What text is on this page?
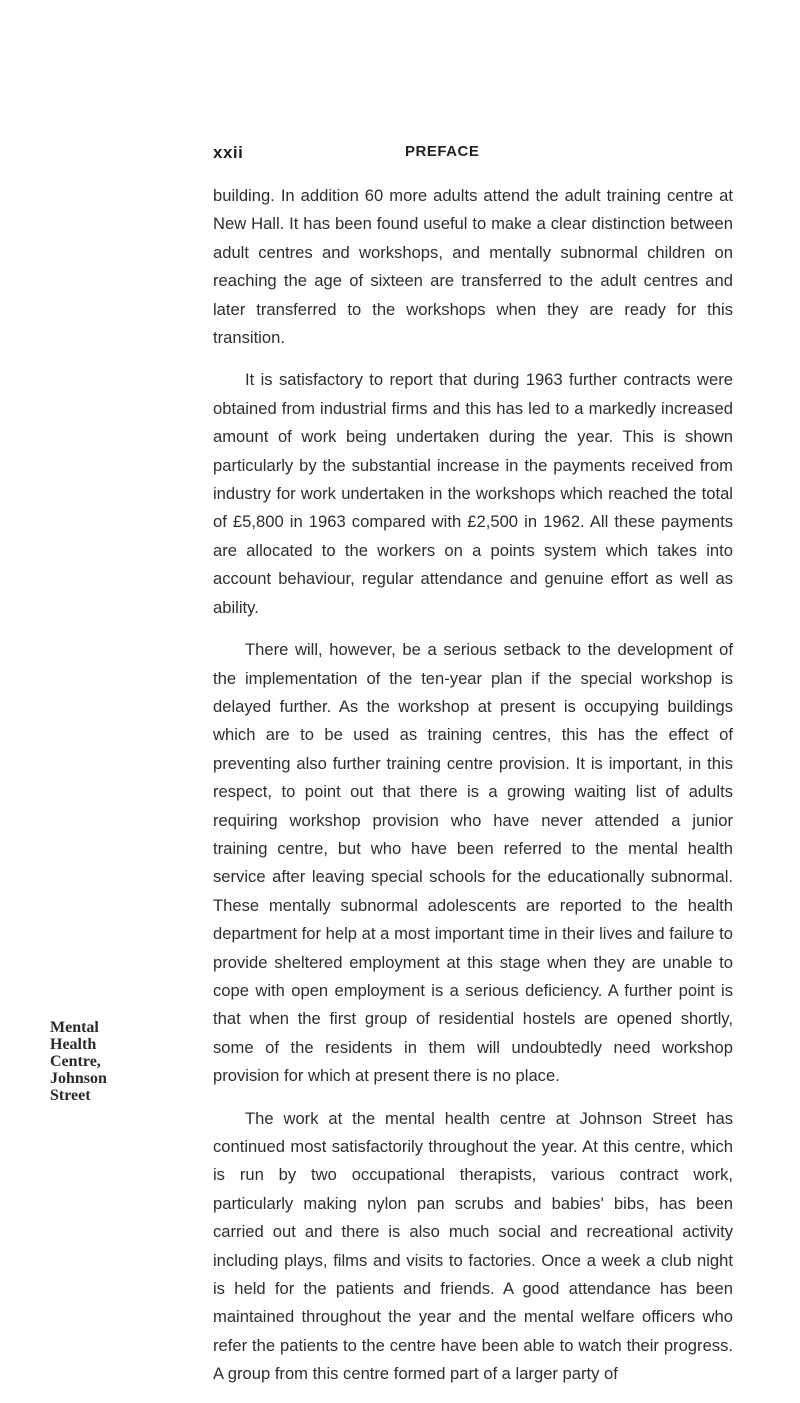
xxii	PREFACE
Mental
Health
Centre,
Johnson
Street

building. In addition 60 more adults attend the adult training centre at New Hall. It has been found useful to make a clear distinction between adult centres and workshops, and mentally subnormal children on reaching the age of sixteen are transferred to the adult centres and later transferred to the workshops when they are ready for this transition.

It is satisfactory to report that during 1963 further contracts were obtained from industrial firms and this has led to a markedly increased amount of work being undertaken during the year. This is shown particularly by the substantial increase in the payments received from industry for work undertaken in the workshops which reached the total of £5,800 in 1963 compared with £2,500 in 1962. All these payments are allocated to the workers on a points system which takes into account behaviour, regular attendance and genuine effort as well as ability.

There will, however, be a serious setback to the development of the implementation of the ten-year plan if the special workshop is delayed further. As the workshop at present is occupying buildings which are to be used as training centres, this has the effect of preventing also further training centre provision. It is important, in this respect, to point out that there is a growing waiting list of adults requiring workshop provision who have never attended a junior training centre, but who have been referred to the mental health service after leaving special schools for the educationally subnormal. These mentally subnormal adolescents are reported to the health department for help at a most important time in their lives and failure to provide sheltered employment at this stage when they are unable to cope with open employment is a serious deficiency. A further point is that when the first group of residential hostels are opened shortly, some of the residents in them will undoubtedly need workshop provision for which at present there is no place.

The work at the mental health centre at Johnson Street has continued most satisfactorily throughout the year. At this centre, which is run by two occupational therapists, various contract work, particularly making nylon pan scrubs and babies' bibs, has been carried out and there is also much social and recreational activity including plays, films and visits to factories. Once a week a club night is held for the patients and friends. A good attendance has been maintained throughout the year and the mental welfare officers who refer the patients to the centre have been able to watch their progress. A group from this centre formed part of a larger party of
